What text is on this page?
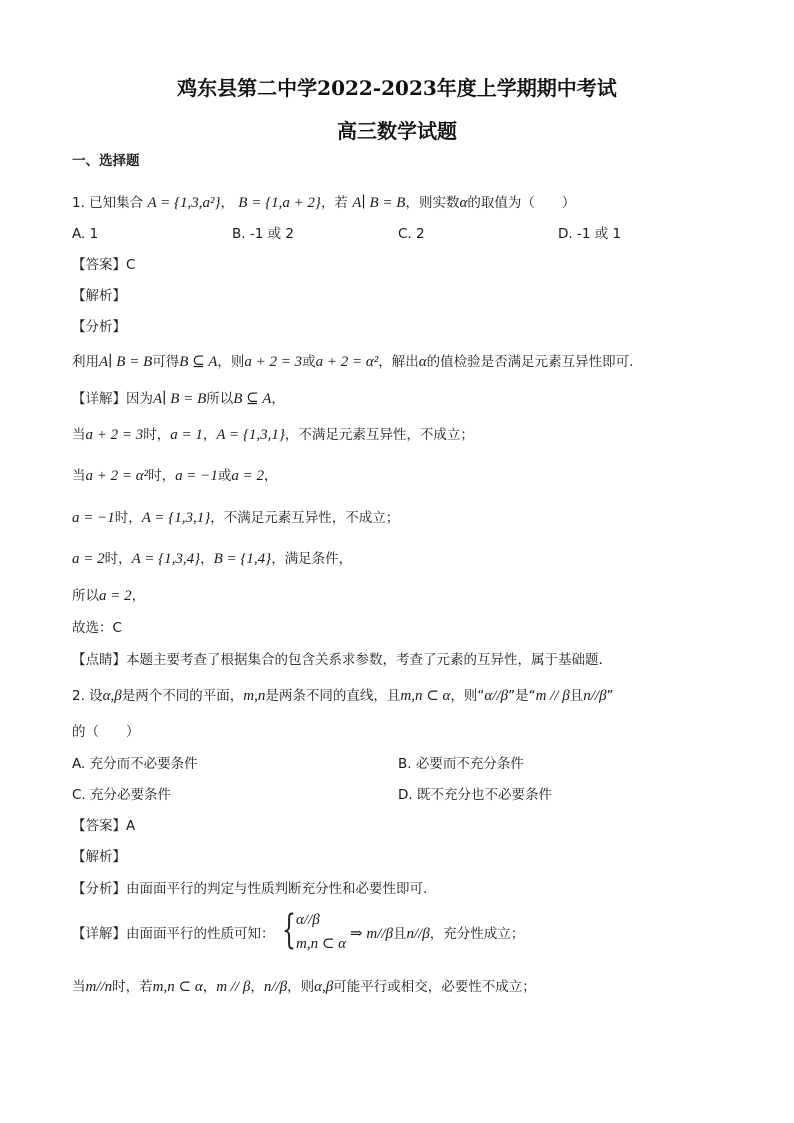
鸡东县第二中学2022-2023年度上学期期中考试
高三数学试题
一、选择题
1. 已知集合 A = {1,3,a²}， B = {1,a + 2}，若 A∣ B = B，则实数α的取值为（　　）
A. 1	B. -1 或 2	C. 2	D. -1 或 1
【答案】C
【解析】
【分析】
利用A∣ B = B可得B ⊆ A，则a + 2 = 3或a + 2 = α²，解出α的值检验是否满足元素互异性即可.
【详解】因为A∣ B = B所以B ⊆ A，
当a + 2 = 3时，a = 1，A = {1,3,1}，不满足元素互异性，不成立；
当a + 2 = α²时，a = −1或a = 2，
a = −1时，A = {1,3,1}，不满足元素互异性，不成立；
a = 2时，A = {1,3,4}，B = {1,4}，满足条件，
所以a = 2，
故选：C
【点睛】本题主要考查了根据集合的包含关系求参数，考查了元素的互异性，属于基础题.
2. 设α,β是两个不同的平面，m,n是两条不同的直线，且m,n ⊂ α，则“α//β”是“m // β且n//β”
的（　　）
A. 充分而不必要条件	B. 必要而不充分条件
C. 充分必要条件	D. 既不充分也不必要条件
【答案】A
【解析】
【分析】由面面平行的判定与性质判断充分性和必要性即可.
【详解】由面面平行的性质可知： { α//β
m,n ⊂ α
⇒ m//β且n//β，充分性成立；
当m//n时，若m,n ⊂ α，m // β，n//β，则α,β可能平行或相交，必要性不成立；
